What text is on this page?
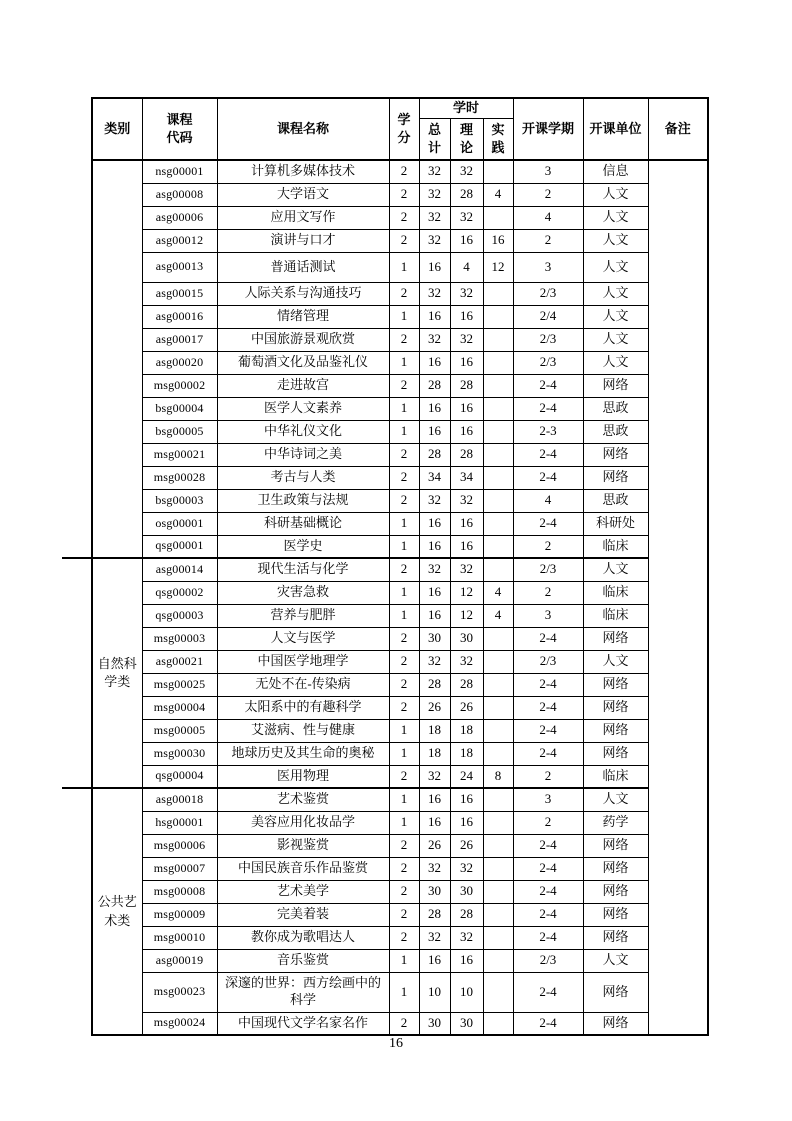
类别	课程代码	课程名称	学分	学时			开课学期	开课单位	备注
				总计	理论	实践			
	nsg00001	计算机多媒体技术	2	32	32		3	信息	
	asg00008	大学语文	2	32	28	4	2	人文	
	asg00006	应用文写作	2	32	32		4	人文	
	asg00012	演讲与口才	2	32	16	16	2	人文	
	asg00013	普通话测试	1	16	4	12	3	人文	
	asg00015	人际关系与沟通技巧	2	32	32		2/3	人文	
	asg00016	情绪管理	1	16	16		2/4	人文	
	asg00017	中国旅游景观欣赏	2	32	32		2/3	人文	
	asg00020	葡萄酒文化及品鉴礼仪	1	16	16		2/3	人文	
	msg00002	走进故宫	2	28	28		2-4	网络	
	bsg00004	医学人文素养	1	16	16		2-4	思政	
	bsg00005	中华礼仪文化	1	16	16		2-3	思政	
	msg00021	中华诗词之美	2	28	28		2-4	网络	
	msg00028	考古与人类	2	34	34		2-4	网络	
	bsg00003	卫生政策与法规	2	32	32		4	思政	
	osg00001	科研基础概论	1	16	16		2-4	科研处	
	qsg00001	医学史	1	16	16		2	临床	
自然科学类	asg00014	现代生活与化学	2	32	32		2/3	人文	
	qsg00002	灾害急救	1	16	12	4	2	临床	
	qsg00003	营养与肥胖	1	16	12	4	3	临床	
	msg00003	人文与医学	2	30	30		2-4	网络	
	asg00021	中国医学地理学	2	32	32		2/3	人文	
	msg00025	无处不在-传染病	2	28	28		2-4	网络	
	msg00004	太阳系中的有趣科学	2	26	26		2-4	网络	
	msg00005	艾滋病、性与健康	1	18	18		2-4	网络	
	msg00030	地球历史及其生命的奥秘	1	18	18		2-4	网络	
	qsg00004	医用物理	2	32	24	8	2	临床	
公共艺术类	asg00018	艺术鉴赏	1	16	16		3	人文	
	hsg00001	美容应用化妆品学	1	16	16		2	药学	
	msg00006	影视鉴赏	2	26	26		2-4	网络	
	msg00007	中国民族音乐作品鉴赏	2	32	32		2-4	网络	
	msg00008	艺术美学	2	30	30		2-4	网络	
	msg00009	完美着装	2	28	28		2-4	网络	
	msg00010	教你成为歌唱达人	2	32	32		2-4	网络	
	asg00019	音乐鉴赏	1	16	16		2/3	人文	
	msg00023	深邃的世界：西方绘画中的科学	1	10	10		2-4	网络	
	msg00024	中国现代文学名家名作	2	30	30		2-4	网络	
16
